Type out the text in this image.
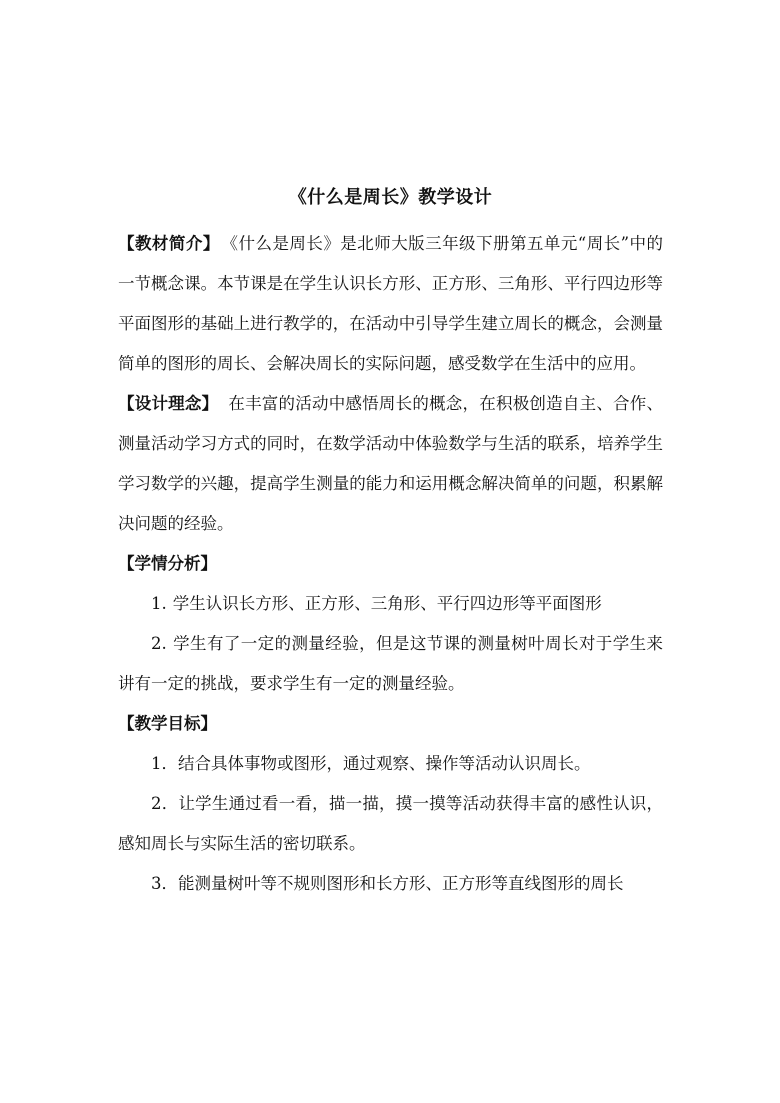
《什么是周长》教学设计

【教材简介】 《什么是周长》是北师大版三年级下册第五单元“周长”中的一节概念课。本节课是在学生认识长方形、正方形、三角形、平行四边形等平面图形的基础上进行教学的，在活动中引导学生建立周长的概念，会测量简单的图形的周长、会解决周长的实际问题，感受数学在生活中的应用。

【设计理念】 在丰富的活动中感悟周长的概念，在积极创造自主、合作、测量活动学习方式的同时，在数学活动中体验数学与生活的联系，培养学生学习数学的兴趣，提高学生测量的能力和运用概念解决简单的问题，积累解决问题的经验。

【学情分析】

1. 学生认识长方形、正方形、三角形、平行四边形等平面图形

2. 学生有了一定的测量经验，但是这节课的测量树叶周长对于学生来讲有一定的挑战，要求学生有一定的测量经验。

【教学目标】

1．结合具体事物或图形，通过观察、操作等活动认识周长。

2．让学生通过看一看，描一描，摸一摸等活动获得丰富的感性认识，感知周长与实际生活的密切联系。

3．能测量树叶等不规则图形和长方形、正方形等直线图形的周长
